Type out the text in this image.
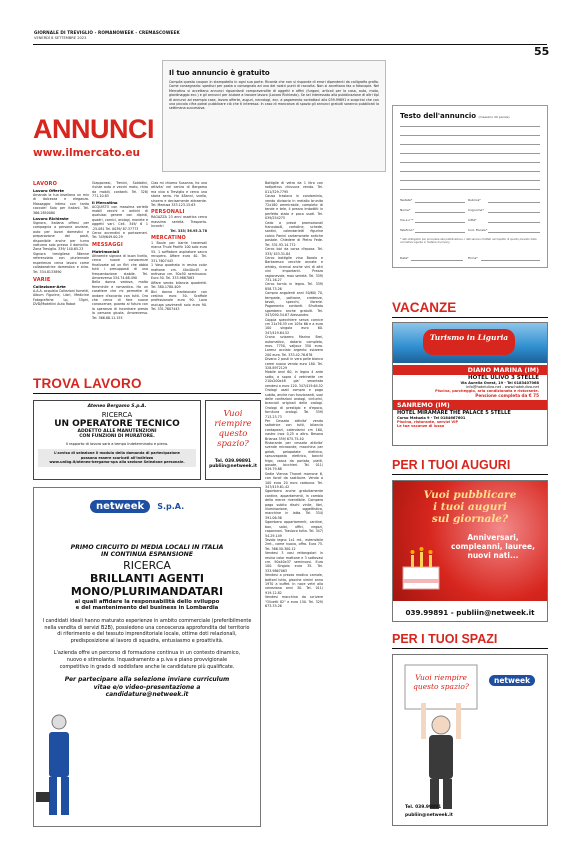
GIORNALE DI TREVIGLIO - ROMANOWEEK - CREMASCOWEEK
VENERDÌ 8 SETTEMBRE 2023
55
ANNUNCI
www.ilmercato.eu
Il tuo annuncio è gratuito
Compila questo coupon in stampatello in ogni sua parte. Ricorda che non si risponde di errori dipendenti da calligrafia grafia. Come consegnarlo: spedisci per posta o consegnalo ad uno dei nostri punti di raccolta. Non si accettano fax o fotocopie. Nel Mercatino si accettano annunci riguardanti compravendite di oggetti e affini (furgoni, articoli per la casa, auto, moto, giardinaggio ecc.) e gli annunci per aiutare a trovare lavoro (Lavoro Richiesto). Se sei interessato alla pubblicazione di altri tipi di annunci ad esempio case, lavoro offerte, auguri, necrologi, ecc. a pagamento contattaci allo 039.99891 e scoprirai che con una piccola cifra potrai pubblicare ciò che ti interessa. In caso di mancanza di spazio gli annunci gratuiti saranno pubblicati la settimana successiva.
Testo dell'annuncio (massimo 20 parole)
Testata*
Nome*
Via e n°*
Telefono*
Rubrica*
Cognome*
Città*
Cod. Fiscale*
* dati obbligatori per procedere alla pubblicazione. I dati saranno trattati nel rispetto di quanto previsto dalla normativa vigente in materia di privacy.
Data*	Firma*
LAVORO
Lavoro Offerte
Amanda la tua bisellana un mix di dolcezza e eleganza. Massaggio intimo con tanto coccole! Solo per italiani. Tel. 366.2850080
Lavoro Richieste
Signora, italiana offresi per compagnia a persone anziane, auto per lavori domestici e preparazione dei pasti, disponibile anche per turno notturno solo presso il domicilio. Zona Treviglio. 339/ 140.65.23
Signora trevigliese 56enne referenziata con pluriennale esperienza cerca lavoro come collaboratrice domestica e stiro. Tel. 334.8133890
VARIE
Collezione-Arte
A.A.A. acquisto Collezioni fumetti, Album Figurine, Libri, Medicine Fotografiche Lp, 33giri, DVD/Modellini Auto Robot
Giapponesi, Trenini, Soldatini, riviste auto e vecchi moto, ritiro da mobili, contanti. Tel. 328/ 771.10.83
Il Mercatino
ACQUISTO con massima serietà mobili vecchi e antichi di qualsiasi genere con dipinti, quadri, cornici, orologi, monete e oggetti vari. Cell. 349/ 6 1 .25.081 Tel. 0039/ 87.37773
Cerco accendini e portaceneri. Tel. 349/649.00.29
MESSAGGI
Matrimoniali
Attraente signora di buon livello, cerca nuove conoscenze finalizzate ad un flirt che abbia tutti i presupposti di una frequentazione stabile. Tel. Amoreverso 334.74.68.490
Bella donna vedova, molto femminile e romantica. Ho un carattere che mi permette di andare d'accordo con tutti. Ora che cerco di fare nuove conoscenze, guardo al futuro con la speranza di incontrare presto la persona giusta. Amoreverso. Tel. 366.88.11.155
Ciao mi chiamo Susanna, ho una attivita' nel centro di Bergamo ma vivo a Treviglio e cerco una storia seria. Ho 48anni, snella, sincera e decisamente attraente. Tel. Medusa 333.123.15.63
PERSONALI
RAGAZZA 23 anni assetica cerca massima serietà. Trasporto. Incontri
Tel. 333/ 56.95.3.78
MERCATINO
1 Baule per barrie traversali marca Thule Pacific 100 solo euro 55. 1 soffiatore aspiratore sacco recupero. Affare euro 40. Tel. 331.7607443
1 Vaso quadrato in resina color mattone cm. 40x40x45 e antivaso cm. 50x50 seminuovo. Euro 30. Tel. 333.9867063
Affare vendo bilancia quadretti. Tel. 380.1780.409
Bici donna tradizionale con cestino euro 50. Scaffale professionale euro 90. Lava asciuga pavimenti solo euro 90. Tel. 331.7607443
Bottiglie di vetro da 1 litro con rodipetrus chiusura vendo. Tel. 011/329.7795
Causa trasloco in condominio, vendo divisorio in metallo brunito 72x180 ammirabile, completo di tende e tele, il prezzo imbottiti in perfetto stato e poco usati. Tel. 039/254275
Cedo a prezzi promozionali francobolli, cartoline, schede, santini, calendarietti figurine calcio Panini cartamonete antiche postale. Chiedere di Pietro Fede. Tel. 331.93.14.772
Cerco bici da corsa d'epoca. Tel. 333/ 453.31.84
Cerco bottiglie vino Barolo e Barbaresco vecchie annate e whisky, ricercoi anche vini di altri vini importanti. Prezzo ragionevole, max serietà. Tel. 339/ 731.16.27
Cerco tornio in legno. Tel. 339/ 858.73.26
Compro angolenti anni 50/60/ 70, tempade, poltrone, credenze, tavoli, specchi, librerie. Pagamento contanti. Sfruttato sgombero anche gratuiti. Tel. 347/090.54.67 Alessandro
Coppia specchiere senza cornice cm 21x76.35 cm 105x 66 e a euro 100 singola euro 60. 347/419.64.52
Crono svizzero Marina Brel, automatico, datario completo, mov. 7750, valjoux 350 euro. Lorenz acciaio argento svizzero 200 euro. Tel. 333.42.76.676
Divano 2 posti in vera pelle bianco come nuovo vendo euro 180. Tel. 328.8972129
Mobile anni 60, in legno 4 ante sotto, a sopra 4 vetrinette cm 210x200x48 gia' smontato vendesi a euro 120. 347/419.64.52
Orologi usati compro e pago subito, anche non funzionanti, suoi delle confezioni orologi, cinturini, bracciali originali delle orologi. Orologi di prestigio e d'epoca, fornitura orologi. Tel. 339/ 713.23.73
Per Cessata attivita' vendo saltatrice con tutti, bilancia contapezzi, calendarini cm 160, nastro inox 0,25 a altro. Besana Brianza 339/ 675.75.40
Ristorante per cessata attivita' svende microonde, macchina per gelati, pelapatate elettrico, spruzzapasta elettrico, banchi frigo, vasca da portata, piatti, posate, bicchieri. Tel. 011/ 919.79.88
Sedie Vienna Thonet marrone 6, con fondi da sostituire. Vendo a 100 euro 20 euro cadauna. Tel. 347/419.61.42
Sgombero anche gratuitamente cantine, appartamenti, in cambio della merce rivendibile. Compero pago subito dischi vinile, libri, illuminazione, oggettistica, macchine in latta. Tel. 334/ 391.06.56
Sgombero appartamenti, cantine, box, solai, uffici, negozi, capannoni. Trasloco tutto. Tel. 347/ 54.29.149
Tavolo legno 1x1 mt., estensibile 2mt., come nuovo, offro. Euro 75. Tel. 366.50.300.12
Vendesi 3 vasi rettangolari in resina color mattone e 3 sottovasi cm. 90x40x37 seminuovi. Euro 100. Singolo euro 35. Tel. 333.9867063
Vendesi a prezzo modico carnale, bottoni lutto, giacche vimini anno 1970 a buffet. In noce vetri alla veneziana anni 30. Tel. 011/ 919.12.82
Vendesi macchina da scrivere "Olivetti 82" e euro 150. Tel. 329/ 673.33.26
TROVA LAVORO
Ateneo Bergamo S.p.A.
RICERCA
UN OPERATORE TECNICO
ADDETTO ALLE MANUTENZIONI
CON FUNZIONI DI MURATORE.
Il rapporto di lavoro sarà a tempo indeterminato e pieno.
L'avviso di selezione il modulo della domanda di partecipazione
possono essere scaricati all'indirizzo
www.unibg.it/ateneo-bergamo-spa alla sezione Selezione personale.
Vuoi riempire questo spazio?
Tel. 039.99891
publiin@netweek.it
netweek S.p.A.
PRIMO CIRCUITO DI MEDIA LOCALI IN ITALIA
IN CONTINUA ESPANSIONE
RICERCA
BRILLANTI AGENTI
MONO/PLURIMANDATARI
ai quali affidare la responsabilità dello sviluppo
e del mantenimento del business in Lombardia
I candidati ideali hanno maturato esperienze in ambito commerciale (preferibilmente nella vendita di servizi B2B), possiedono una conoscenza approfondita del territorio di riferimento e del tessuto imprenditoriale locale, ottime doti relazionali, predisposizione al lavoro di squadra, entusiasmo e proattività.
L'azienda offre un percorso di formazione continua in un contesto dinamico, nuovo e stimolante. Inquadramento a p.iva e piano provvigionale competitivo in grado di soddisfare anche le candidature più qualificate.
Per partecipare alla selezione inviare curriculum vitae e/o video-presentazione a candidature@netweek.it
VACANZE
Turismo in Liguria
DIANO MARINA (IM)
HOTEL ULIVO 3 STELLE
Via Aurelia Ovest, 19 - Tel 0183407068
info@hotelulivo.net - www.hotelulivo.net
Piscina, parcheggio, aria condizionata e ristorante.
Pensione completa da € 75
SANREMO (IM)
HOTEL MIRAMARE THE PALACE 5 STELLE
Corso Matuzia 9 - Tel 0184667601
Piscina, ristorante, servizi VIP
Le tue vacanze di lusso
PER I TUOI AUGURI
Vuoi pubblicare
i tuoi auguri
sul giornale?
Anniversari,
compleanni, lauree,
nuovi nati...
039.99891 - publiin@netweek.it
PER I TUOI SPAZI
Vuoi riempire questo spazio?
netweek
Tel. 039.99891
publiin@netweek.it
